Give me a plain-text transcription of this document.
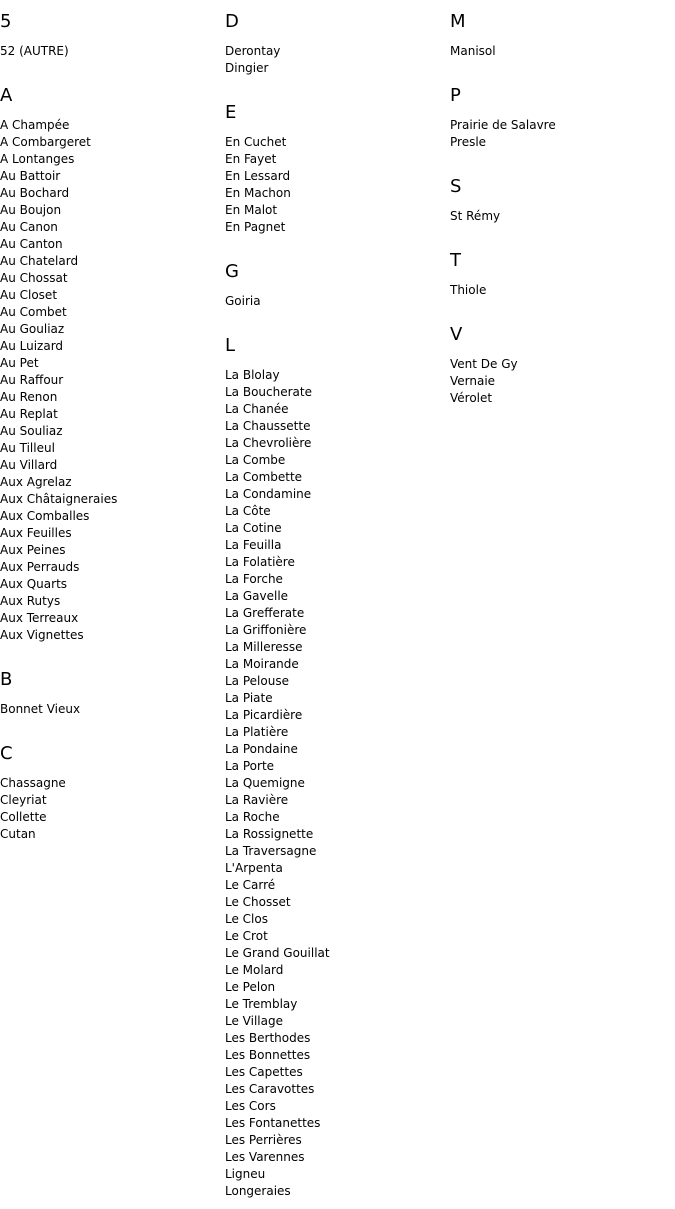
5
52 (AUTRE)
A
A Champée
A Combargeret
A Lontanges
Au Battoir
Au Bochard
Au Boujon
Au Canon
Au Canton
Au Chatelard
Au Chossat
Au Closet
Au Combet
Au Gouliaz
Au Luizard
Au Pet
Au Raffour
Au Renon
Au Replat
Au Souliaz
Au Tilleul
Au Villard
Aux Agrelaz
Aux Châtaigneraies
Aux Comballes
Aux Feuilles
Aux Peines
Aux Perrauds
Aux Quarts
Aux Rutys
Aux Terreaux
Aux Vignettes
B
Bonnet Vieux
C
Chassagne
Cleyriat
Collette
Cutan
D
Derontay
Dingier
E
En Cuchet
En Fayet
En Lessard
En Machon
En Malot
En Pagnet
G
Goiria
L
La Blolay
La Boucherate
La Chanée
La Chaussette
La Chevrolière
La Combe
La Combette
La Condamine
La Côte
La Cotine
La Feuilla
La Folatière
La Forche
La Gavelle
La Grefferate
La Griffonière
La Milleresse
La Moirande
La Pelouse
La Piate
La Picardière
La Platière
La Pondaine
La Porte
La Quemigne
La Ravière
La Roche
La Rossignette
La Traversagne
L'Arpenta
Le Carré
Le Chosset
Le Clos
Le Crot
Le Grand Gouillat
Le Molard
Le Pelon
Le Tremblay
Le Village
Les Berthodes
Les Bonnettes
Les Capettes
Les Caravottes
Les Cors
Les Fontanettes
Les Perrières
Les Varennes
Ligneu
Longeraies
M
Manisol
P
Prairie de Salavre
Presle
S
St Rémy
T
Thiole
V
Vent De Gy
Vernaie
Vérolet
